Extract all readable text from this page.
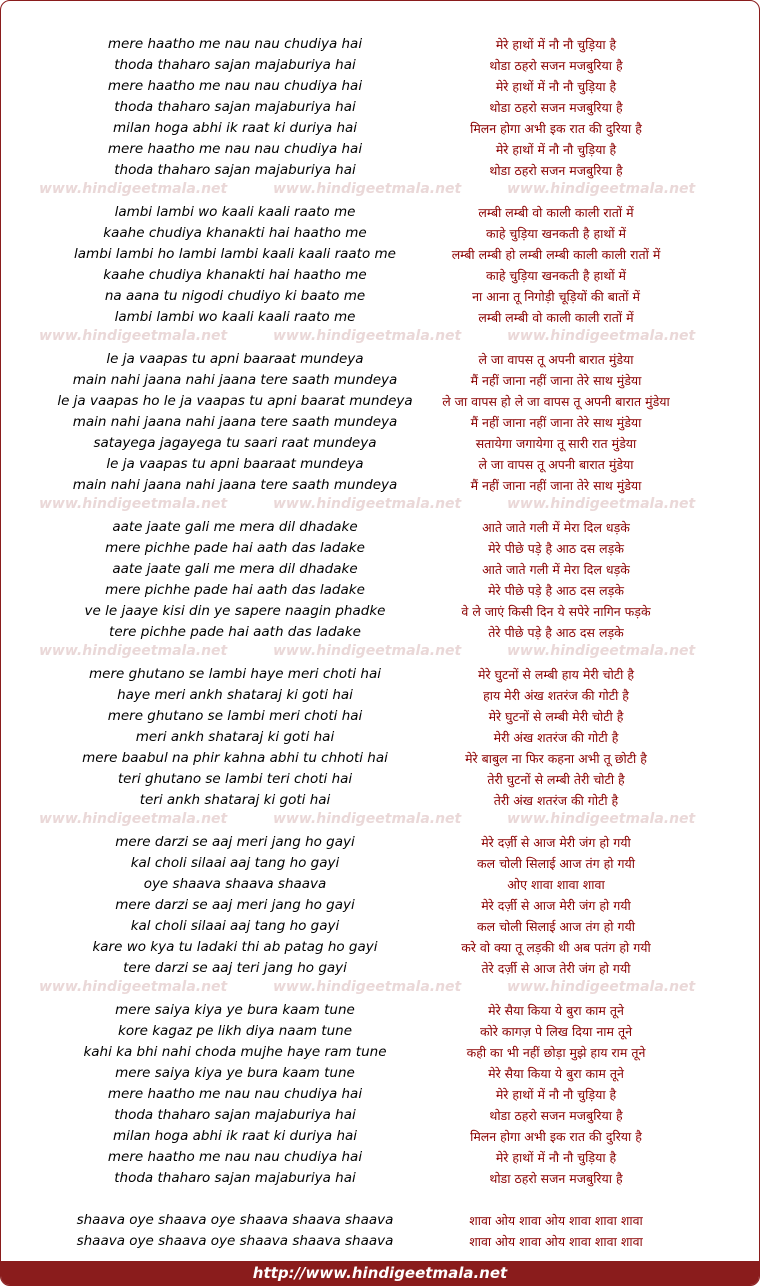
mere haatho me nau nau chudiya hai	मेरे हाथों में नौ नौ चुड़िया है
thoda thaharo sajan majaburiya hai	थोडा ठहरो सजन मजबुरिया है
mere haatho me nau nau chudiya hai	मेरे हाथों में नौ नौ चुड़िया है
thoda thaharo sajan majaburiya hai	थोडा ठहरो सजन मजबुरिया है
milan hoga abhi ik raat ki duriya hai	मिलन होगा अभी इक रात की दुरिया है
mere haatho me nau nau chudiya hai	मेरे हाथों में नौ नौ चुड़िया है
thoda thaharo sajan majaburiya hai	थोडा ठहरो सजन मजबुरिया है
lambi lambi wo kaali kaali raato me	लम्बी लम्बी वो काली काली रातों में
kaahe chudiya khanakti hai haatho me	काहे चुड़िया खनकती है हाथों में
lambi lambi ho lambi lambi kaali kaali raato me	लम्बी लम्बी हो लम्बी लम्बी काली काली रातों में
kaahe chudiya khanakti hai haatho me	काहे चुड़िया खनकती है हाथों में
na aana tu nigodi chudiyo ki baato me	ना आना तू निगोड़ी चूड़ियों की बातों में
lambi lambi wo kaali kaali raato me	लम्बी लम्बी वो काली काली रातों में
le ja vaapas tu apni baaraat mundeya	ले जा वापस तू अपनी बारात मुंडेया
main nahi jaana nahi jaana tere saath mundeya	मैं नहीं जाना नहीं जाना तेरे साथ मुंडेया
le ja vaapas ho le ja vaapas tu apni baarat mundeya	ले जा वापस हो ले जा वापस तू अपनी बारात मुंडेया
main nahi jaana nahi jaana tere saath mundeya	मैं नहीं जाना नहीं जाना तेरे साथ मुंडेया
satayega jagayega tu saari raat mundeya	सतायेगा जगायेगा तू सारी रात मुंडेया
le ja vaapas tu apni baaraat mundeya	ले जा वापस तू अपनी बारात मुंडेया
main nahi jaana nahi jaana tere saath mundeya	मैं नहीं जाना नहीं जाना तेरे साथ मुंडेया
aate jaate gali me mera dil dhadake	आते जाते गली में मेरा दिल धड़के
mere pichhe pade hai aath das ladake	मेरे पीछे पड़े है आठ दस लड़के
aate jaate gali me mera dil dhadake	आते जाते गली में मेरा दिल धड़के
mere pichhe pade hai aath das ladake	मेरे पीछे पड़े है आठ दस लड़के
ve le jaaye kisi din ye sapere naagin phadke	वे ले जाएं किसी दिन ये सपेरे नागिन फड़के
tere pichhe pade hai aath das ladake	तेरे पीछे पड़े है आठ दस लड़के
mere ghutano se lambi haye meri choti hai	मेरे घुटनों से लम्बी हाय मेरी चोटी है
haye meri ankh shataraj ki goti hai	हाय मेरी अंख शतरंज की गोटी है
mere ghutano se lambi meri choti hai	मेरे घुटनों से लम्बी मेरी चोटी है
meri ankh shataraj ki goti hai	मेरी अंख शतरंज की गोटी है
mere baabul na phir kahna abhi tu chhoti hai	मेरे बाबुल ना फिर कहना अभी तू छोटी है
teri ghutano se lambi teri choti hai	तेरी घुटनों से लम्बी तेरी चोटी है
teri ankh shataraj ki goti hai	तेरी अंख शतरंज की गोटी है
mere darzi se aaj meri jang ho gayi	मेरे दर्ज़ी से आज मेरी जंग हो गयी
kal choli silaai aaj tang ho gayi	कल चोली सिलाई आज तंग हो गयी
oye shaava shaava shaava	ओए शावा शावा शावा
mere darzi se aaj meri jang ho gayi	मेरे दर्ज़ी से आज मेरी जंग हो गयी
kal choli silaai aaj tang ho gayi	कल चोली सिलाई आज तंग हो गयी
kare wo kya tu ladaki thi ab patag ho gayi	करे वो क्या तू लड़की थी अब पतंग हो गयी
tere darzi se aaj teri jang ho gayi	तेरे दर्ज़ी से आज तेरी जंग हो गयी
mere saiya kiya ye bura kaam tune	मेरे सैया किया ये बुरा काम तूने
kore kagaz pe likh diya naam tune	कोरे कागज़ पे लिख दिया नाम तूने
kahi ka bhi nahi choda mujhe haye ram tune	कही का भी नहीं छोड़ा मुझे हाय राम तूने
mere saiya kiya ye bura kaam tune	मेरे सैया किया ये बुरा काम तूने
mere haatho me nau nau chudiya hai	मेरे हाथों में नौ नौ चुड़िया है
thoda thaharo sajan majaburiya hai	थोडा ठहरो सजन मजबुरिया है
milan hoga abhi ik raat ki duriya hai	मिलन होगा अभी इक रात की दुरिया है
mere haatho me nau nau chudiya hai	मेरे हाथों में नौ नौ चुड़िया है
thoda thaharo sajan majaburiya hai	थोडा ठहरो सजन मजबुरिया है
shaava oye shaava oye shaava shaava shaava	शावा ओय शावा ओय शावा शावा शावा
shaava oye shaava oye shaava shaava shaava	शावा ओय शावा ओय शावा शावा शावा
www.hindigeetmala.net	www.hindigeetmala.net	www.hindigeetmala.net
www.hindigeetmala.net	www.hindigeetmala.net	www.hindigeetmala.net
www.hindigeetmala.net	www.hindigeetmala.net	www.hindigeetmala.net
www.hindigeetmala.net	www.hindigeetmala.net	www.hindigeetmala.net
www.hindigeetmala.net	www.hindigeetmala.net	www.hindigeetmala.net
www.hindigeetmala.net	www.hindigeetmala.net	www.hindigeetmala.net
http://www.hindigeetmala.net
